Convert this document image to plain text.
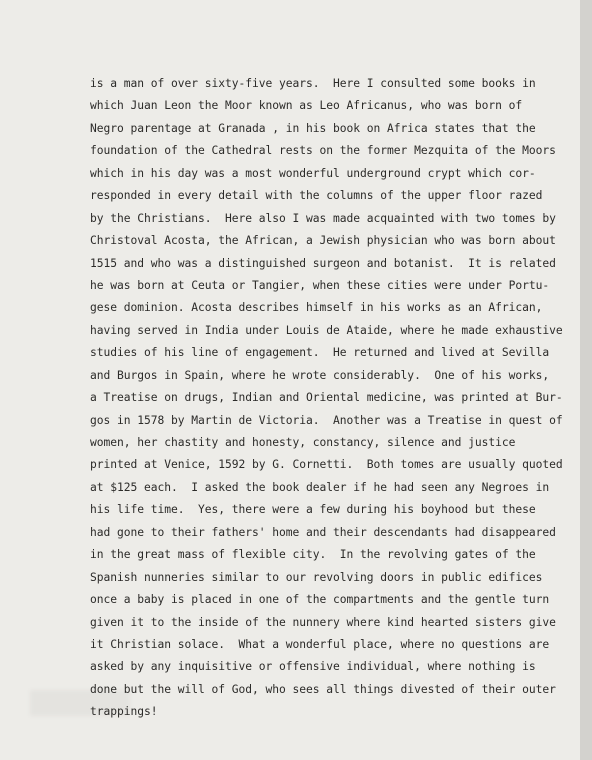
is a man of over sixty-five years.  Here I consulted some books in
which Juan Leon the Moor known as Leo Africanus, who was born of
Negro parentage at Granada , in his book on Africa states that the
foundation of the Cathedral rests on the former Mezquita of the Moors
which in his day was a most wonderful underground crypt which cor-
responded in every detail with the columns of the upper floor razed
by the Christians.  Here also I was made acquainted with two tomes by
Christoval Acosta, the African, a Jewish physician who was born about
1515 and who was a distinguished surgeon and botanist.  It is related
he was born at Ceuta or Tangier, when these cities were under Portu-
gese dominion. Acosta describes himself in his works as an African,
having served in India under Louis de Ataide, where he made exhaustive
studies of his line of engagement.  He returned and lived at Sevilla
and Burgos in Spain, where he wrote considerably.  One of his works,
a Treatise on drugs, Indian and Oriental medicine, was printed at Bur-
gos in 1578 by Martin de Victoria.  Another was a Treatise in quest of
women, her chastity and honesty, constancy, silence and justice
printed at Venice, 1592 by G. Cornetti.  Both tomes are usually quoted
at $125 each.  I asked the book dealer if he had seen any Negroes in
his life time.  Yes, there were a few during his boyhood but these
had gone to their fathers' home and their descendants had disappeared
in the great mass of flexible city.  In the revolving gates of the
Spanish nunneries similar to our revolving doors in public edifices
once a baby is placed in one of the compartments and the gentle turn
given it to the inside of the nunnery where kind hearted sisters give
it Christian solace.  What a wonderful place, where no questions are
asked by any inquisitive or offensive individual, where nothing is
done but the will of God, who sees all things divested of their outer
trappings!
